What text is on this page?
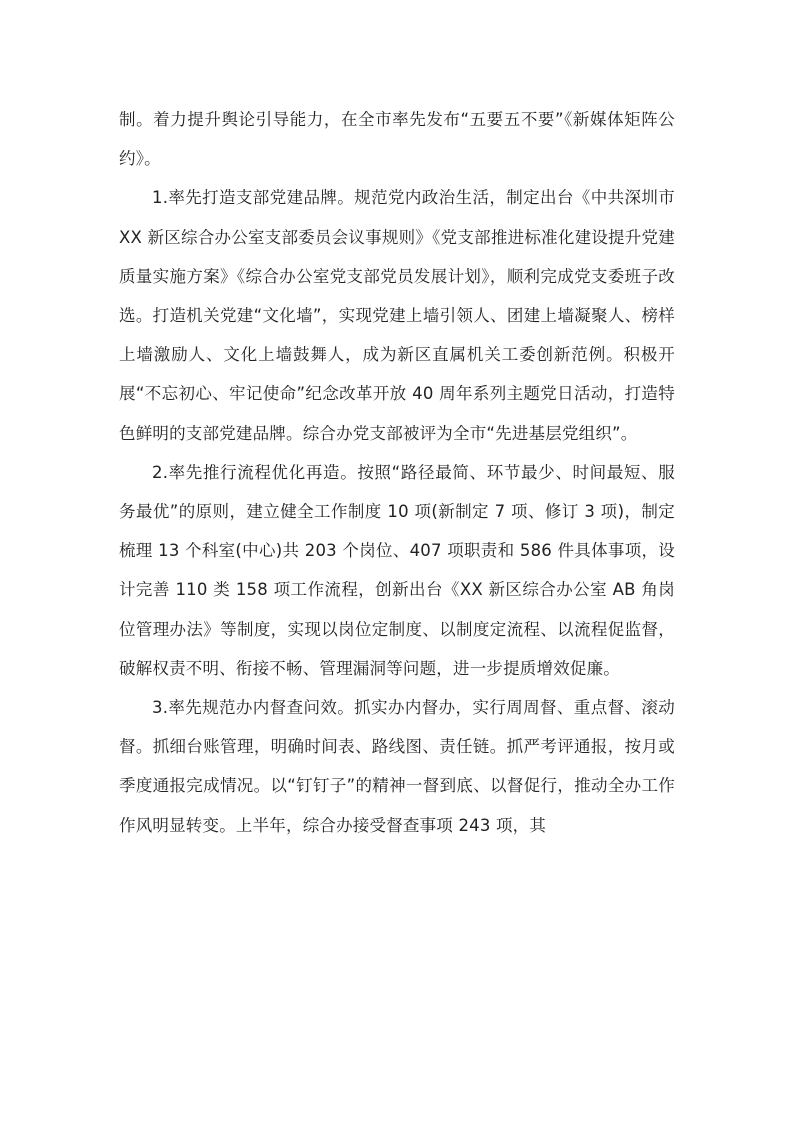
制。着力提升舆论引导能力，在全市率先发布“五要五不要”《新媒体矩阵公约》。

1.率先打造支部党建品牌。规范党内政治生活，制定出台《中共深圳市 XX 新区综合办公室支部委员会议事规则》《党支部推进标准化建设提升党建质量实施方案》《综合办公室党支部党员发展计划》，顺利完成党支委班子改选。打造机关党建“文化墙”，实现党建上墙引领人、团建上墙凝聚人、榜样上墙激励人、文化上墙鼓舞人，成为新区直属机关工委创新范例。积极开展“不忘初心、牢记使命”纪念改革开放 40 周年系列主题党日活动，打造特色鲜明的支部党建品牌。综合办党支部被评为全市“先进基层党组织”。

2.率先推行流程优化再造。按照“路径最简、环节最少、时间最短、服务最优”的原则，建立健全工作制度 10 项(新制定 7 项、修订 3 项)，制定梳理 13 个科室(中心)共 203 个岗位、407 项职责和 586 件具体事项，设计完善 110 类 158 项工作流程，创新出台《XX 新区综合办公室 AB 角岗位管理办法》等制度，实现以岗位定制度、以制度定流程、以流程促监督，破解权责不明、衔接不畅、管理漏洞等问题，进一步提质增效促廉。

3.率先规范办内督查问效。抓实办内督办，实行周周督、重点督、滚动督。抓细台账管理，明确时间表、路线图、责任链。抓严考评通报，按月或季度通报完成情况。以“钉钉子”的精神一督到底、以督促行，推动全办工作作风明显转变。上半年，综合办接受督查事项 243 项，其
